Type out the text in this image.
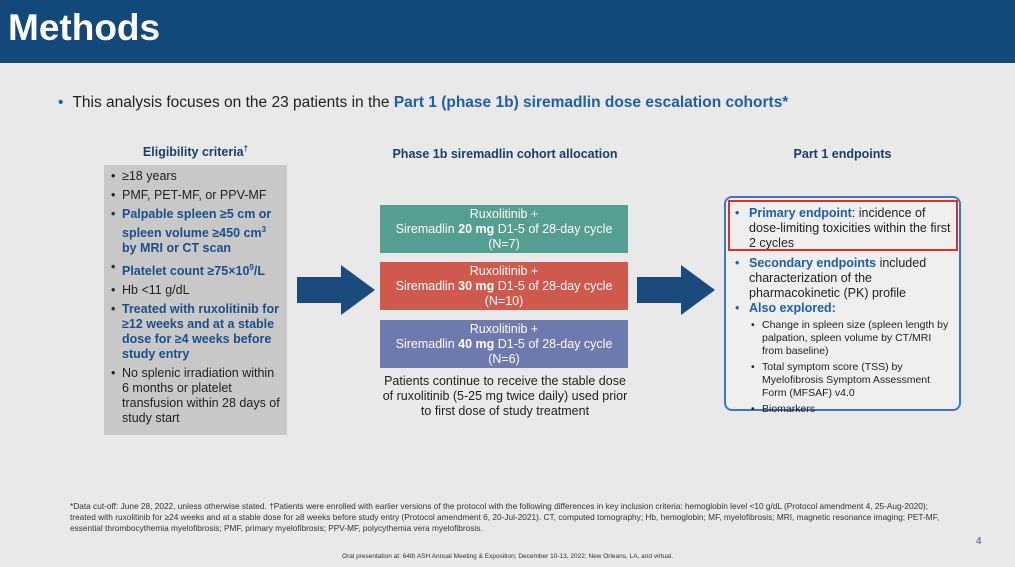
Methods
• This analysis focuses on the 23 patients in the Part 1 (phase 1b) siremadlin dose escalation cohorts*
Eligibility criteria†
• ≥18 years
• PMF, PET-MF, or PPV-MF
• Palpable spleen ≥5 cm or spleen volume ≥450 $cm^3$ by MRI or CT scan
• Platelet count $\ge 75\times 10^9/L$
• Hb <11 g/dL
• Treated with ruxolitinib for ≥12 weeks and at a stable dose for ≥4 weeks before study entry
• No splenic irradiation within 6 months or platelet transfusion within 28 days of study start
Phase 1b siremadlin cohort allocation
Ruxolitinib +
Siremadlin 20 mg D1-5 of 28-day cycle
(N=7)
Ruxolitinib +
Siremadlin 30 mg D1-5 of 28-day cycle
(N=10)
Ruxolitinib +
Siremadlin 40 mg D1-5 of 28-day cycle
(N=6)
Patients continue to receive the stable dose of ruxolitinib (5-25 mg twice daily) used prior to first dose of study treatment
Part 1 endpoints
• Primary endpoint: incidence of dose-limiting toxicities within the first 2 cycles
• Secondary endpoints included characterization of the pharmacokinetic (PK) profile
• Also explored:
• Change in spleen size (spleen length by palpation, spleen volume by CT/MRI from baseline)
• Total symptom score (TSS) by Myelofibrosis Symptom Assessment Form (MFSAF) v4.0
• Biomarkers
*Data cut-off: June 28, 2022, unless otherwise stated. †Patients were enrolled with earlier versions of the protocol with the following differences in key inclusion criteria: hemoglobin level <10 g/dL (Protocol amendment 4, 25-Aug-2020); treated with ruxolitinib for ≥24 weeks and at a stable dose for ≥8 weeks before study entry (Protocol amendment 6, 20-Jul-2021). CT, computed tomography; Hb, hemoglobin; MF, myelofibrosis; MRI, magnetic resonance imaging; PET-MF, essential thrombocythemia myelofibrosis; PMF, primary myelofibrosis; PPV-MF, polycythemia vera myelofibrosis.
4
Oral presentation at: 64th ASH Annual Meeting & Exposition; December 10-13, 2022; New Orleans, LA, and virtual.
